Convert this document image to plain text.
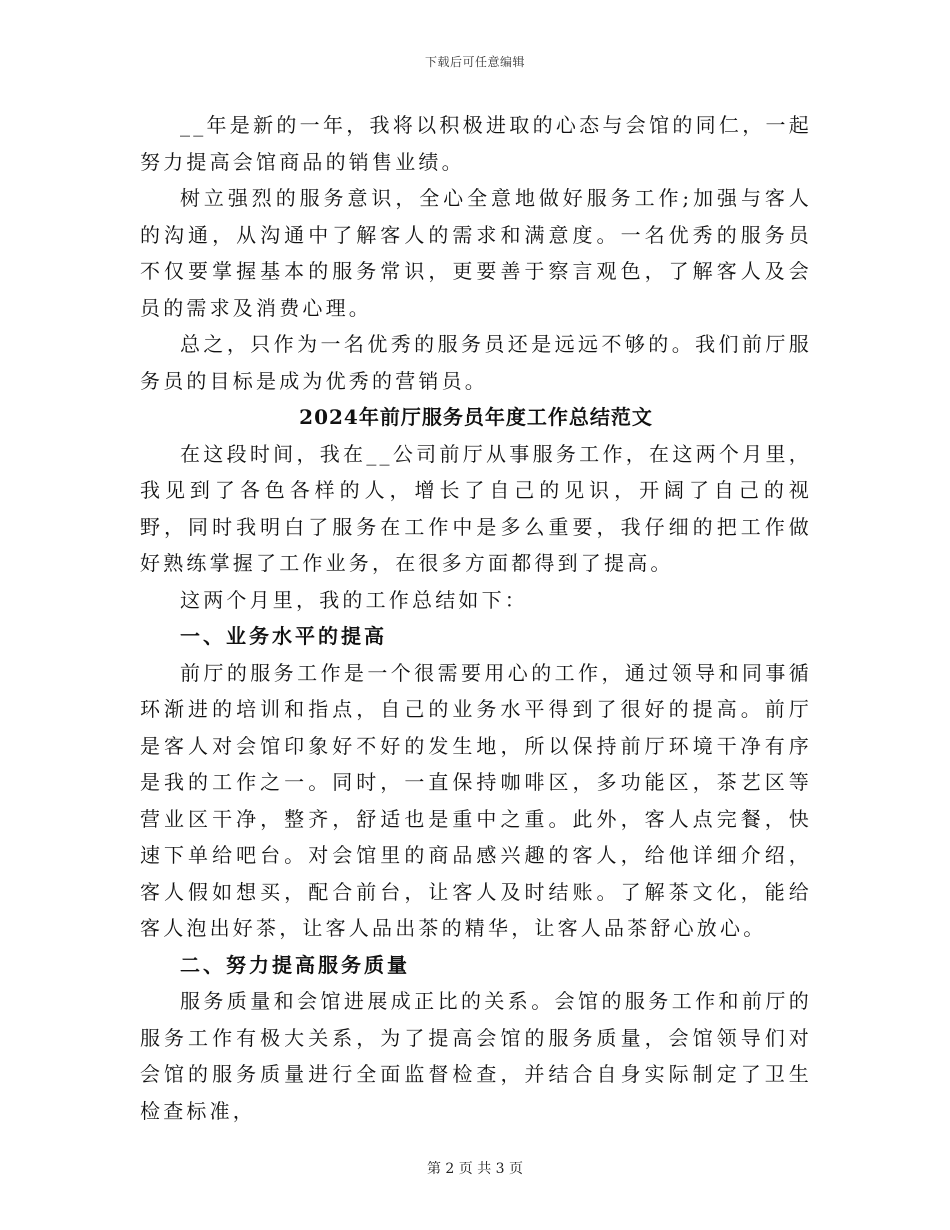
下载后可任意编辑

__年是新的一年，我将以积极进取的心态与会馆的同仁，一起努力提高会馆商品的销售业绩。

树立强烈的服务意识，全心全意地做好服务工作;加强与客人的沟通，从沟通中了解客人的需求和满意度。一名优秀的服务员不仅要掌握基本的服务常识，更要善于察言观色，了解客人及会员的需求及消费心理。

总之，只作为一名优秀的服务员还是远远不够的。我们前厅服务员的目标是成为优秀的营销员。

2024年前厅服务员年度工作总结范文

在这段时间，我在__公司前厅从事服务工作，在这两个月里，我见到了各色各样的人，增长了自己的见识，开阔了自己的视野，同时我明白了服务在工作中是多么重要，我仔细的把工作做好熟练掌握了工作业务，在很多方面都得到了提高。

这两个月里，我的工作总结如下：

一、业务水平的提高

前厅的服务工作是一个很需要用心的工作，通过领导和同事循环渐进的培训和指点，自己的业务水平得到了很好的提高。前厅是客人对会馆印象好不好的发生地，所以保持前厅环境干净有序是我的工作之一。同时，一直保持咖啡区，多功能区，茶艺区等营业区干净，整齐，舒适也是重中之重。此外，客人点完餐，快速下单给吧台。对会馆里的商品感兴趣的客人，给他详细介绍，客人假如想买，配合前台，让客人及时结账。了解茶文化，能给客人泡出好茶，让客人品出茶的精华，让客人品茶舒心放心。

二、努力提高服务质量

服务质量和会馆进展成正比的关系。会馆的服务工作和前厅的服务工作有极大关系，为了提高会馆的服务质量，会馆领导们对会馆的服务质量进行全面监督检查，并结合自身实际制定了卫生检查标准，

第 2 页 共 3 页
